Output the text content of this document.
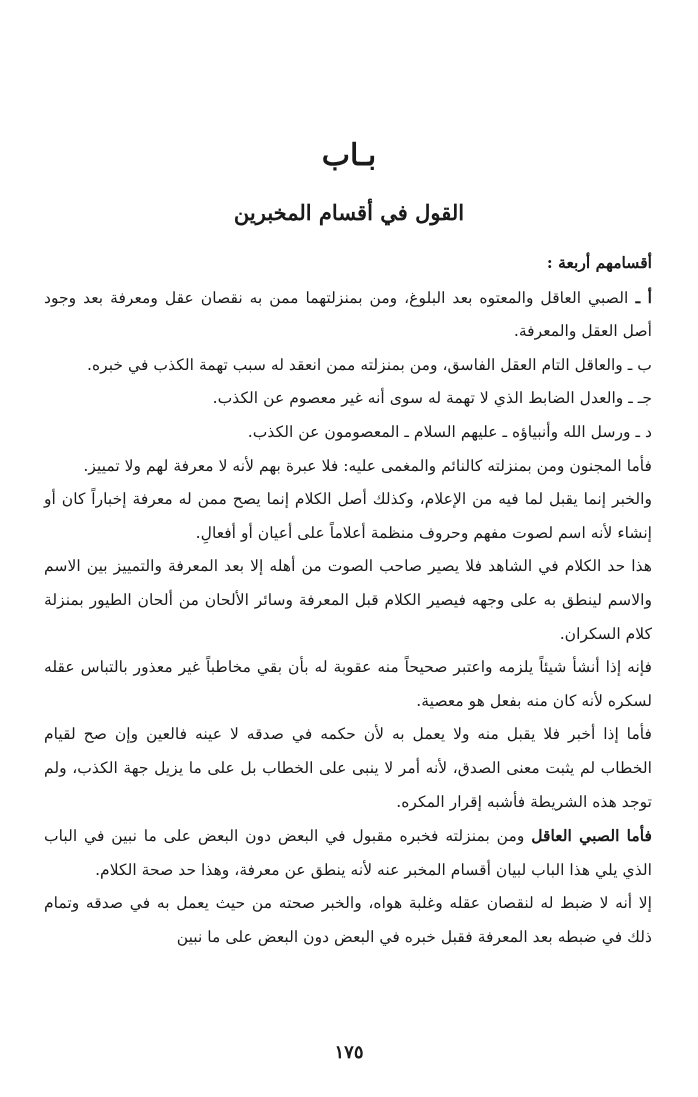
بـاب
القول في أقسام المخبرين

أقسامهم أربعة :

أ ـ الصبي العاقل والمعتوه بعد البلوغ، ومن بمنزلتهما ممن به نقصان عقل ومعرفة بعد وجود أصل العقل والمعرفة.

ب ـ والعاقل التام العقل الفاسق، ومن بمنزلته ممن انعقد له سبب تهمة الكذب في خبره.

جـ ـ والعدل الضابط الذي لا تهمة له سوى أنه غير معصوم عن الكذب.

د ـ ورسل الله وأنبياؤه ـ عليهم السلام ـ المعصومون عن الكذب.

فأما المجنون ومن بمنزلته كالنائم والمغمى عليه: فلا عبرة بهم لأنه لا معرفة لهم ولا تمييز.

والخبر إنما يقبل لما فيه من الإعلام، وكذلك أصل الكلام إنما يصح ممن له معرفة إخباراً كان أو إنشاء لأنه اسم لصوت مفهم وحروف منظمة أعلاماً على أعيان أو أفعالِ.

هذا حد الكلام في الشاهد فلا يصير صاحب الصوت من أهله إلا بعد المعرفة والتمييز بين الاسم والاسم لينطق به على وجهه فيصير الكلام قبل المعرفة وسائر الألحان من ألحان الطيور بمنزلة كلام السكران.

فإنه إذا أنشأ شيئاً يلزمه واعتبر صحيحاً منه عقوبة له بأن بقي مخاطباً غير معذور بالتباس عقله لسكره لأنه كان منه بفعل هو معصية.

فأما إذا أخبر فلا يقبل منه ولا يعمل به لأن حكمه في صدقه لا عينه فالعين وإن صح لقيام الخطاب لم يثبت معنى الصدق، لأنه أمر لا ينبى على الخطاب بل على ما يزيل جهة الكذب، ولم توجد هذه الشريطة فأشبه إقرار المكره.

فأما الصبي العاقل ومن بمنزلته فخبره مقبول في البعض دون البعض على ما نبين في الباب الذي يلي هذا الباب لبيان أقسام المخبر عنه لأنه ينطق عن معرفة، وهذا حد صحة الكلام.

إلا أنه لا ضبط له لنقصان عقله وغلبة هواه، والخبر صحته من حيث يعمل به في صدقه وتمام ذلك في ضبطه بعد المعرفة فقبل خبره في البعض دون البعض على ما نبين

١٧٥
